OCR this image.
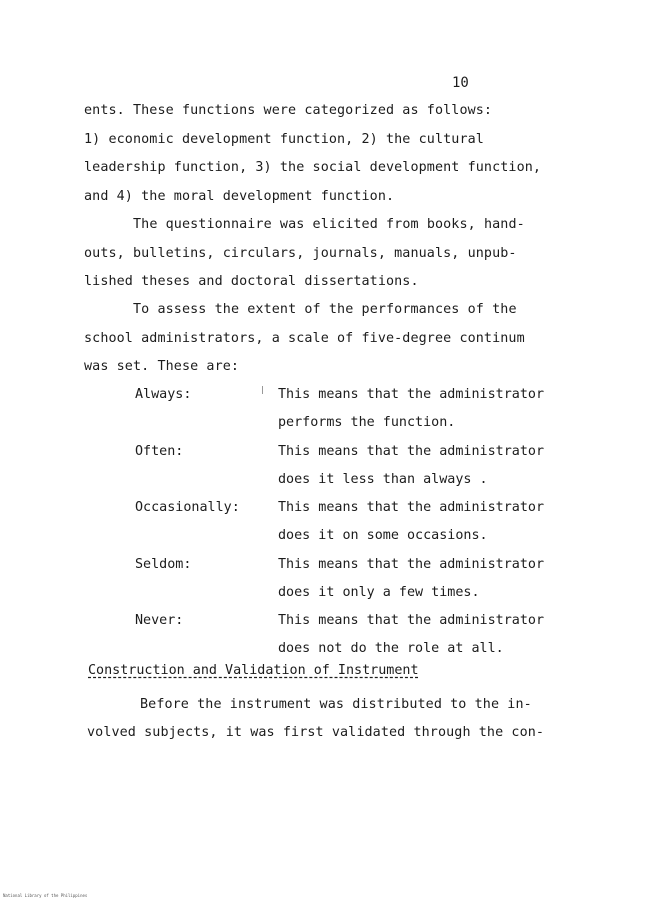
10
ents. These functions were categorized as follows:
1) economic development function, 2) the cultural
leadership function, 3) the social development function,
and 4) the moral development function.
The questionnaire was elicited from books, hand-
outs, bulletins, circulars, journals, manuals, unpub-
lished theses and doctoral dissertations.
To assess the extent of the performances of the
school administrators, a scale of five-degree continum
was set. These are:
Always:	This means that the administrator
performs the function.
Often:	This means that the administrator
does it less than always .
Occasionally:	This means that the administrator
does it on some occasions.
Seldom:	This means that the administrator
does it only a few times.
Never:	This means that the administrator
does not do the role at all.
Construction and Validation of Instrument
Before the instrument was distributed to the in-
volved subjects, it was first validated through the con-
National Library of the Philippines
